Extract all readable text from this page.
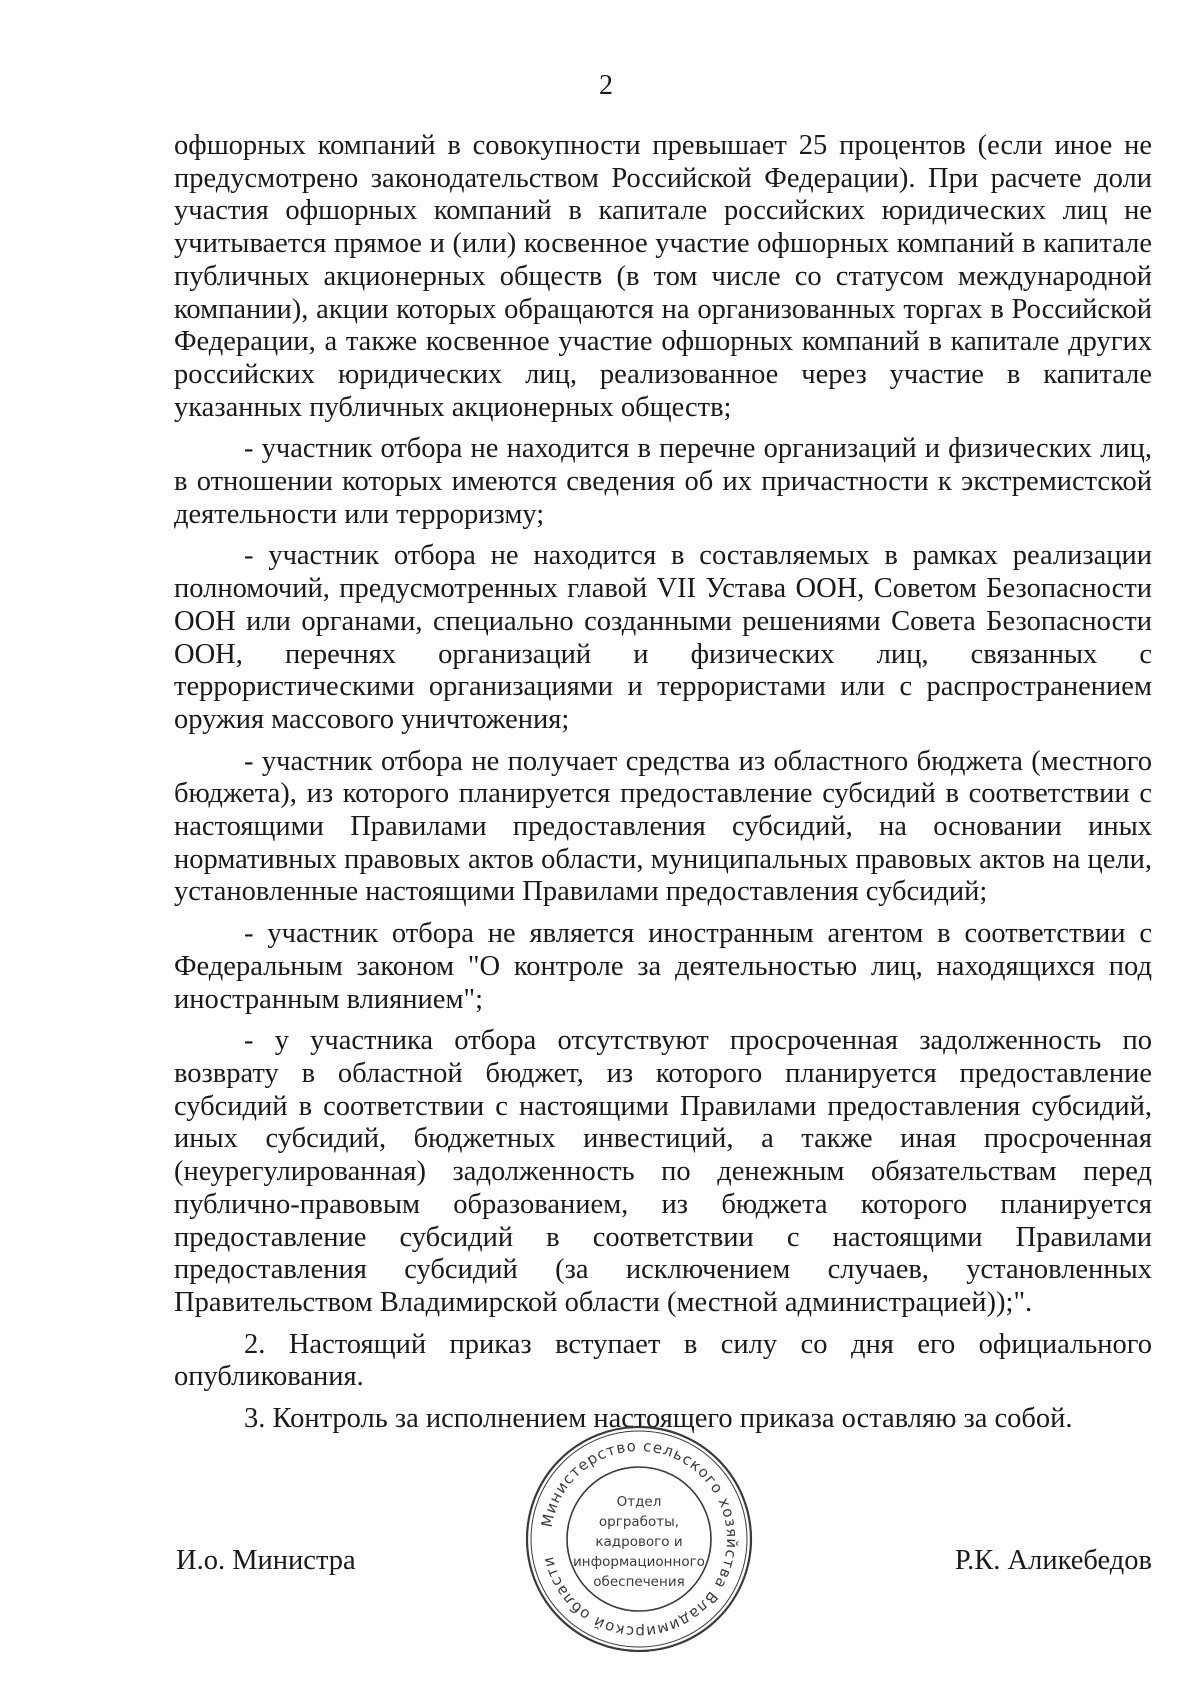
2

офшорных компаний в совокупности превышает 25 процентов (если иное не предусмотрено законодательством Российской Федерации). При расчете доли участия офшорных компаний в капитале российских юридических лиц не учитывается прямое и (или) косвенное участие офшорных компаний в капитале публичных акционерных обществ (в том числе со статусом международной компании), акции которых обращаются на организованных торгах в Российской Федерации, а также косвенное участие офшорных компаний в капитале других российских юридических лиц, реализованное через участие в капитале указанных публичных акционерных обществ;

- участник отбора не находится в перечне организаций и физических лиц, в отношении которых имеются сведения об их причастности к экстремистской деятельности или терроризму;

- участник отбора не находится в составляемых в рамках реализации полномочий, предусмотренных главой VII Устава ООН, Советом Безопасности ООН или органами, специально созданными решениями Совета Безопасности ООН, перечнях организаций и физических лиц, связанных с террористическими организациями и террористами или с распространением оружия массового уничтожения;

- участник отбора не получает средства из областного бюджета (местного бюджета), из которого планируется предоставление субсидий в соответствии с настоящими Правилами предоставления субсидий, на основании иных нормативных правовых актов области, муниципальных правовых актов на цели, установленные настоящими Правилами предоставления субсидий;

- участник отбора не является иностранным агентом в соответствии с Федеральным законом "О контроле за деятельностью лиц, находящихся под иностранным влиянием";

- у участника отбора отсутствуют просроченная задолженность по возврату в областной бюджет, из которого планируется предоставление субсидий в соответствии с настоящими Правилами предоставления субсидий, иных субсидий, бюджетных инвестиций, а также иная просроченная (неурегулированная) задолженность по денежным обязательствам перед публично-правовым образованием, из бюджета которого планируется предоставление субсидий в соответствии с настоящими Правилами предоставления субсидий (за исключением случаев, установленных Правительством Владимирской области (местной администрацией));".

2. Настоящий приказ вступает в силу со дня его официального опубликования.

3. Контроль за исполнением настоящего приказа оставляю за собой.

Министерство сельского хозяйства Владимирской области
Отдел
оргработы,
кадрового и
информационного
обеспечения
И.о. Министра	Р.К. Аликебедов
